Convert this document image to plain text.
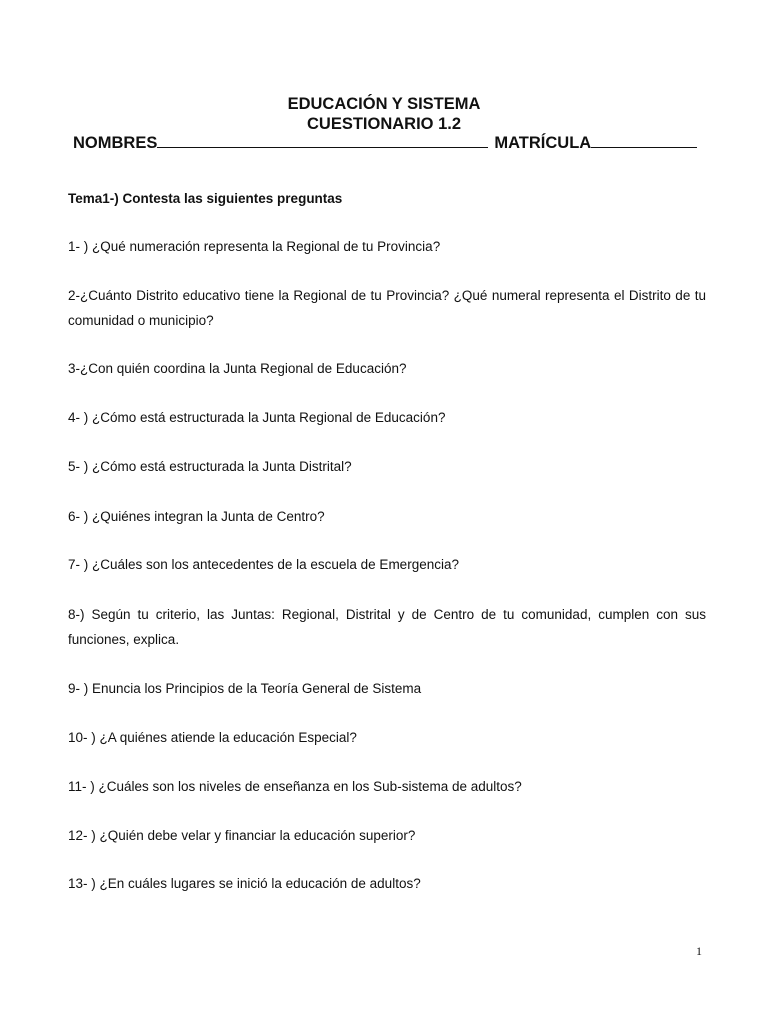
EDUCACIÓN Y SISTEMA
CUESTIONARIO 1.2
NOMBRES	MATRÍCULA
Tema1-) Contesta las siguientes preguntas
1- ) ¿Qué numeración representa la Regional de tu Provincia?
2-¿Cuánto Distrito educativo tiene la Regional de tu Provincia? ¿Qué numeral representa el Distrito de tu comunidad o municipio?
3-¿Con quién coordina la Junta Regional de Educación?
4- ) ¿Cómo está estructurada la Junta Regional de Educación?
5- ) ¿Cómo está estructurada la Junta Distrital?
6- ) ¿Quiénes integran la Junta de Centro?
7- ) ¿Cuáles son los antecedentes de la escuela de Emergencia?
8-) Según tu criterio, las Juntas: Regional, Distrital y de Centro de tu comunidad, cumplen con sus funciones, explica.
9- ) Enuncia los Principios de la Teoría General de Sistema
10- ) ¿A quiénes atiende la educación Especial?
11- ) ¿Cuáles son los niveles de enseñanza en los Sub-sistema de adultos?
12- ) ¿Quién debe velar y financiar la educación superior?
13- ) ¿En cuáles lugares se inició la educación de adultos?
1
